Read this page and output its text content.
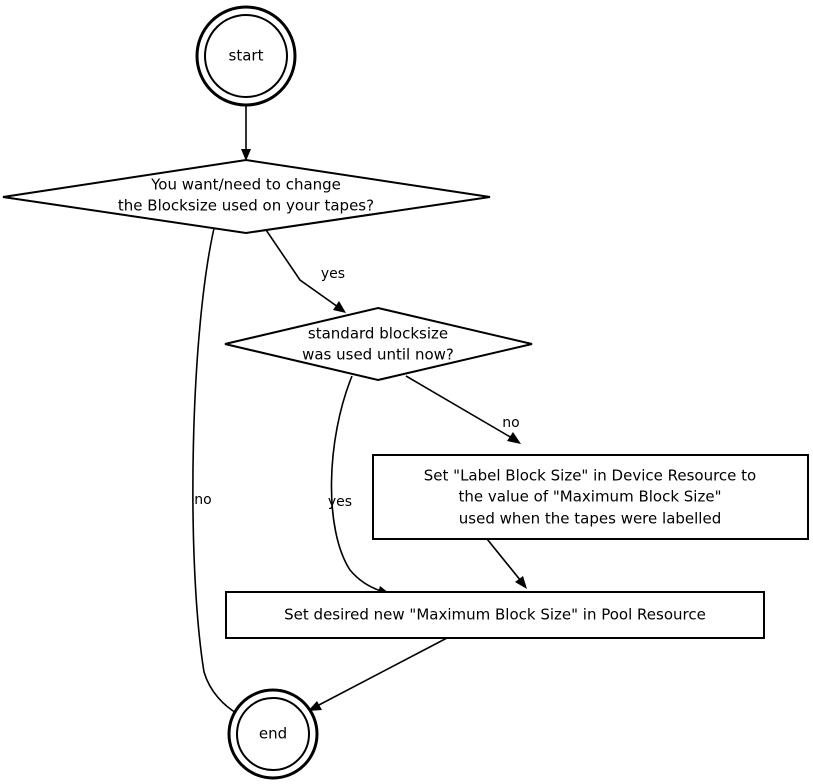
yes
no
no
yes
start
You want/need to change
the Blocksize used on your tapes?
standard blocksize
was used until now?
Set "Label Block Size" in Device Resource to
the value of "Maximum Block Size"
used when the tapes were labelled
Set desired new "Maximum Block Size" in Pool Resource
end
